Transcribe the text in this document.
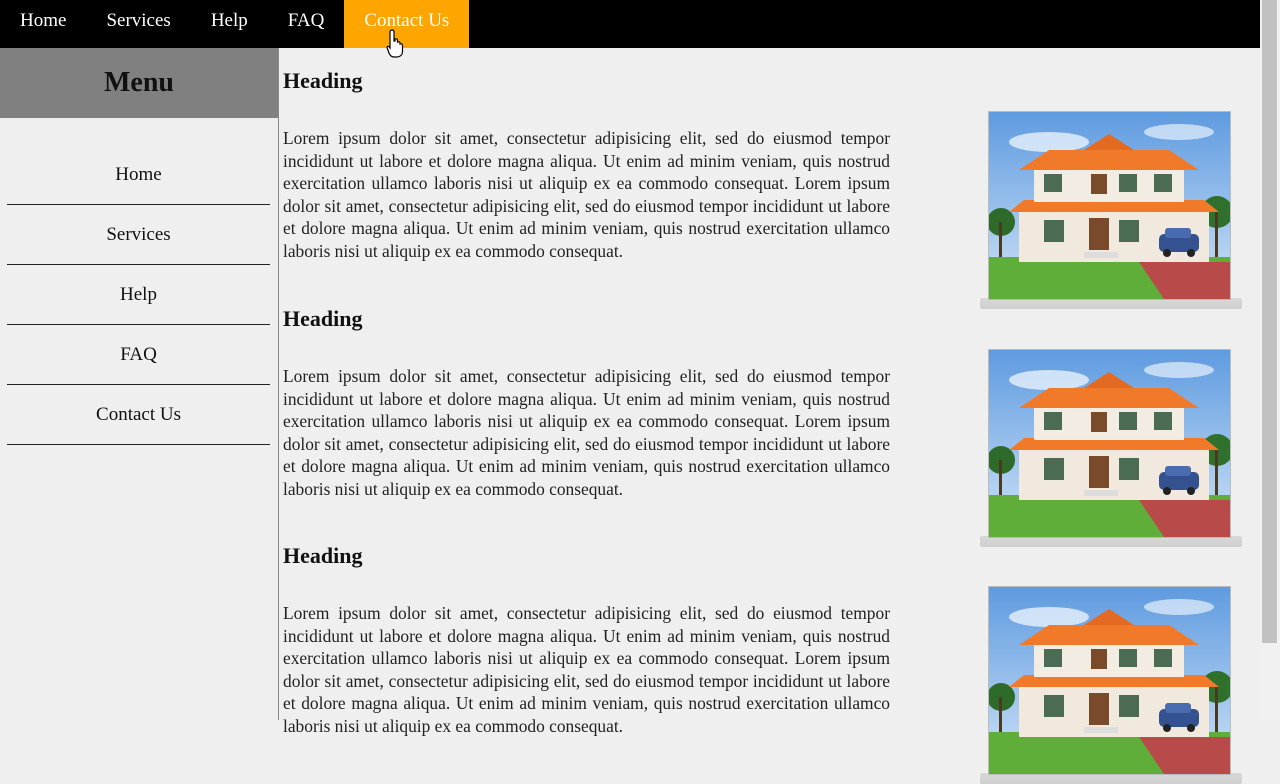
Home	Services	Help	FAQ	Contact Us
Menu
Home
Services
Help
FAQ
Contact Us
Heading

Lorem ipsum dolor sit amet, consectetur adipisicing elit, sed do eiusmod tempor incididunt ut labore et dolore magna aliqua. Ut enim ad minim veniam, quis nostrud exercitation ullamco laboris nisi ut aliquip ex ea commodo consequat. Lorem ipsum dolor sit amet, consectetur adipisicing elit, sed do eiusmod tempor incididunt ut labore et dolore magna aliqua. Ut enim ad minim veniam, quis nostrud exercitation ullamco laboris nisi ut aliquip ex ea commodo consequat.

Heading

Lorem ipsum dolor sit amet, consectetur adipisicing elit, sed do eiusmod tempor incididunt ut labore et dolore magna aliqua. Ut enim ad minim veniam, quis nostrud exercitation ullamco laboris nisi ut aliquip ex ea commodo consequat. Lorem ipsum dolor sit amet, consectetur adipisicing elit, sed do eiusmod tempor incididunt ut labore et dolore magna aliqua. Ut enim ad minim veniam, quis nostrud exercitation ullamco laboris nisi ut aliquip ex ea commodo consequat.

Heading

Lorem ipsum dolor sit amet, consectetur adipisicing elit, sed do eiusmod tempor incididunt ut labore et dolore magna aliqua. Ut enim ad minim veniam, quis nostrud exercitation ullamco laboris nisi ut aliquip ex ea commodo consequat. Lorem ipsum dolor sit amet, consectetur adipisicing elit, sed do eiusmod tempor incididunt ut labore et dolore magna aliqua. Ut enim ad minim veniam, quis nostrud exercitation ullamco laboris nisi ut aliquip ex ea commodo consequat.
